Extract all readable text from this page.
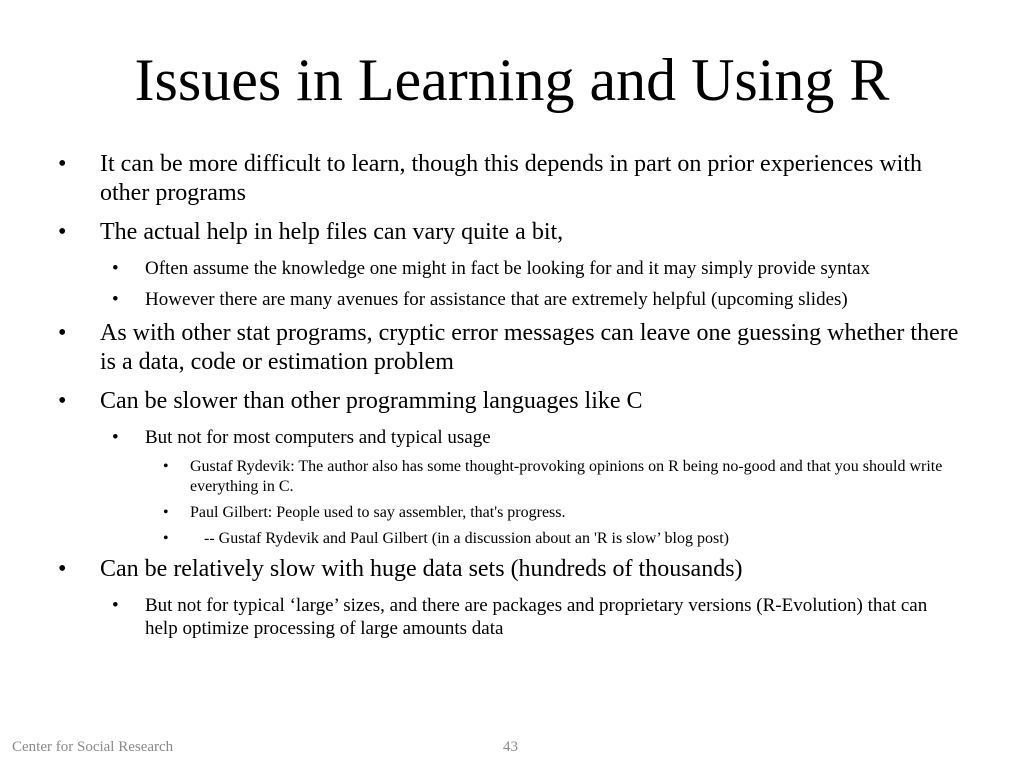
Issues in Learning and Using R
• It can be more difficult to learn, though this depends in part on prior experiences with other programs
• The actual help in help files can vary quite a bit,
• Often assume the knowledge one might in fact be looking for and it may simply provide syntax
• However there are many avenues for assistance that are extremely helpful (upcoming slides)
• As with other stat programs, cryptic error messages can leave one guessing whether there is a data, code or estimation problem
• Can be slower than other programming languages like C
• But not for most computers and typical usage
• Gustaf Rydevik: The author also has some thought-provoking opinions on R being no-good and that you should write everything in C.
• Paul Gilbert: People used to say assembler, that's progress.
• -- Gustaf Rydevik and Paul Gilbert (in a discussion about an 'R is slow’ blog post)
• Can be relatively slow with huge data sets (hundreds of thousands)
• But not for typical ‘large’ sizes, and there are packages and proprietary versions (R-Evolution) that can help optimize processing of large amounts data
Center for Social Research	43
